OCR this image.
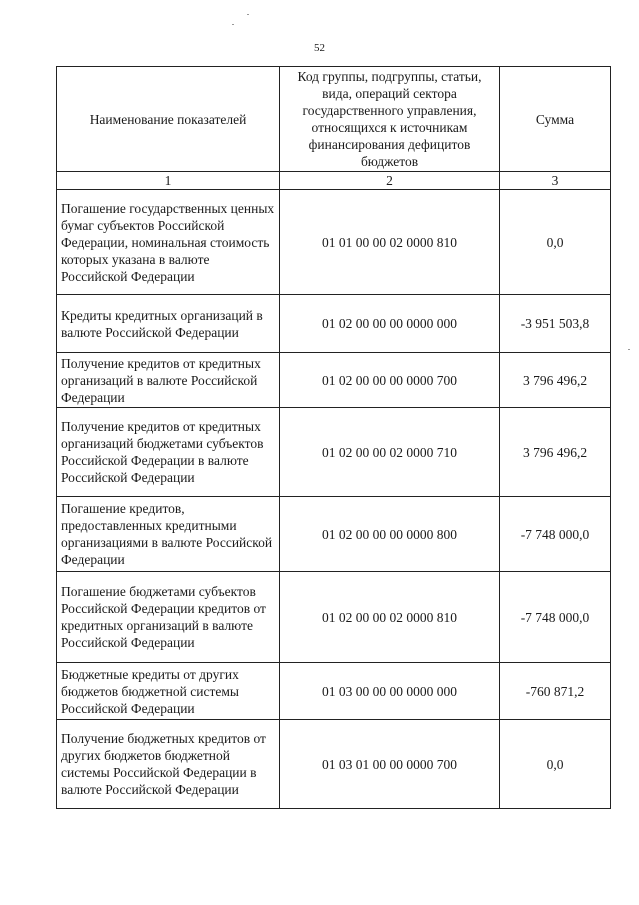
52
Наименование показателей	Код группы, подгруппы, статьи, вида, операций сектора государственного управления, относящихся к источникам финансирования дефицитов бюджетов	Сумма
1	2	3
Погашение государственных ценных бумаг субъектов Российской Федерации, номинальная стоимость которых указана в валюте Российской Федерации	01 01 00 00 02 0000 810	0,0
Кредиты кредитных организаций в валюте Российской Федерации	01 02 00 00 00 0000 000	-3 951 503,8
Получение кредитов от кредитных организаций в валюте Российской Федерации	01 02 00 00 00 0000 700	3 796 496,2
Получение кредитов от кредитных организаций бюджетами субъектов Российской Федерации в валюте Российской Федерации	01 02 00 00 02 0000 710	3 796 496,2
Погашение кредитов, предоставленных кредитными организациями в валюте Российской Федерации	01 02 00 00 00 0000 800	-7 748 000,0
Погашение бюджетами субъектов Российской Федерации кредитов от кредитных организаций в валюте Российской Федерации	01 02 00 00 02 0000 810	-7 748 000,0
Бюджетные кредиты от других бюджетов бюджетной системы Российской Федерации	01 03 00 00 00 0000 000	-760 871,2
Получение бюджетных кредитов от других бюджетов бюджетной системы Российской Федерации в валюте Российской Федерации	01 03 01 00 00 0000 700	0,0
